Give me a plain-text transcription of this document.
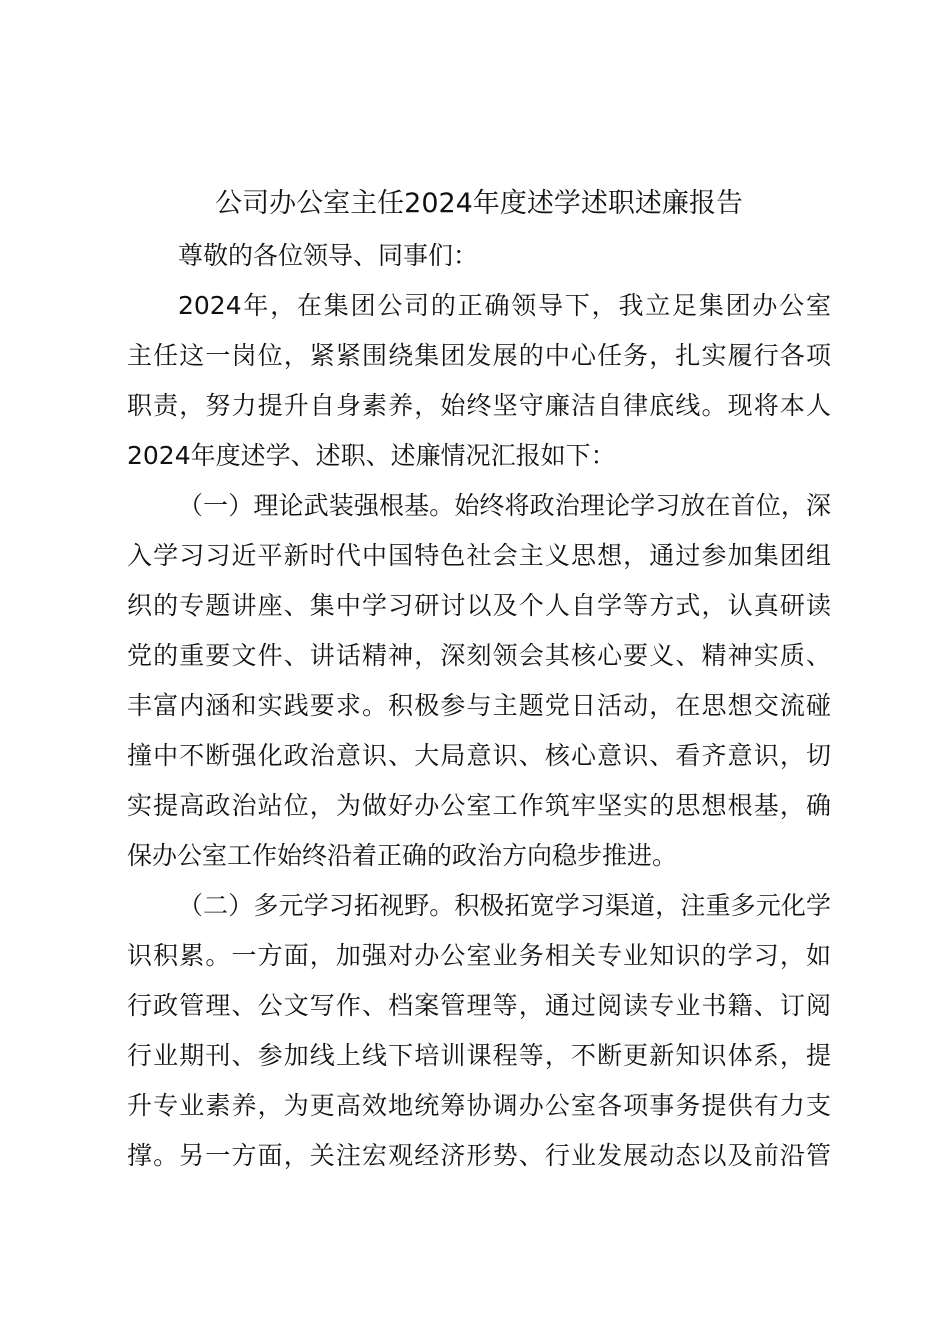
公司办公室主任2024年度述学述职述廉报告
尊敬的各位领导、同事们：
2024年，在集团公司的正确领导下，我立足集团办公室
主任这一岗位，紧紧围绕集团发展的中心任务，扎实履行各项
职责，努力提升自身素养，始终坚守廉洁自律底线。现将本人
2024年度述学、述职、述廉情况汇报如下：
（一）理论武装强根基。始终将政治理论学习放在首位，深
入学习习近平新时代中国特色社会主义思想，通过参加集团组
织的专题讲座、集中学习研讨以及个人自学等方式，认真研读
党的重要文件、讲话精神，深刻领会其核心要义、精神实质、
丰富内涵和实践要求。积极参与主题党日活动，在思想交流碰
撞中不断强化政治意识、大局意识、核心意识、看齐意识，切
实提高政治站位，为做好办公室工作筑牢坚实的思想根基，确
保办公室工作始终沿着正确的政治方向稳步推进。
（二）多元学习拓视野。积极拓宽学习渠道，注重多元化学
识积累。一方面，加强对办公室业务相关专业知识的学习，如
行政管理、公文写作、档案管理等，通过阅读专业书籍、订阅
行业期刊、参加线上线下培训课程等，不断更新知识体系，提
升专业素养，为更高效地统筹协调办公室各项事务提供有力支
撑。另一方面，关注宏观经济形势、行业发展动态以及前沿管
